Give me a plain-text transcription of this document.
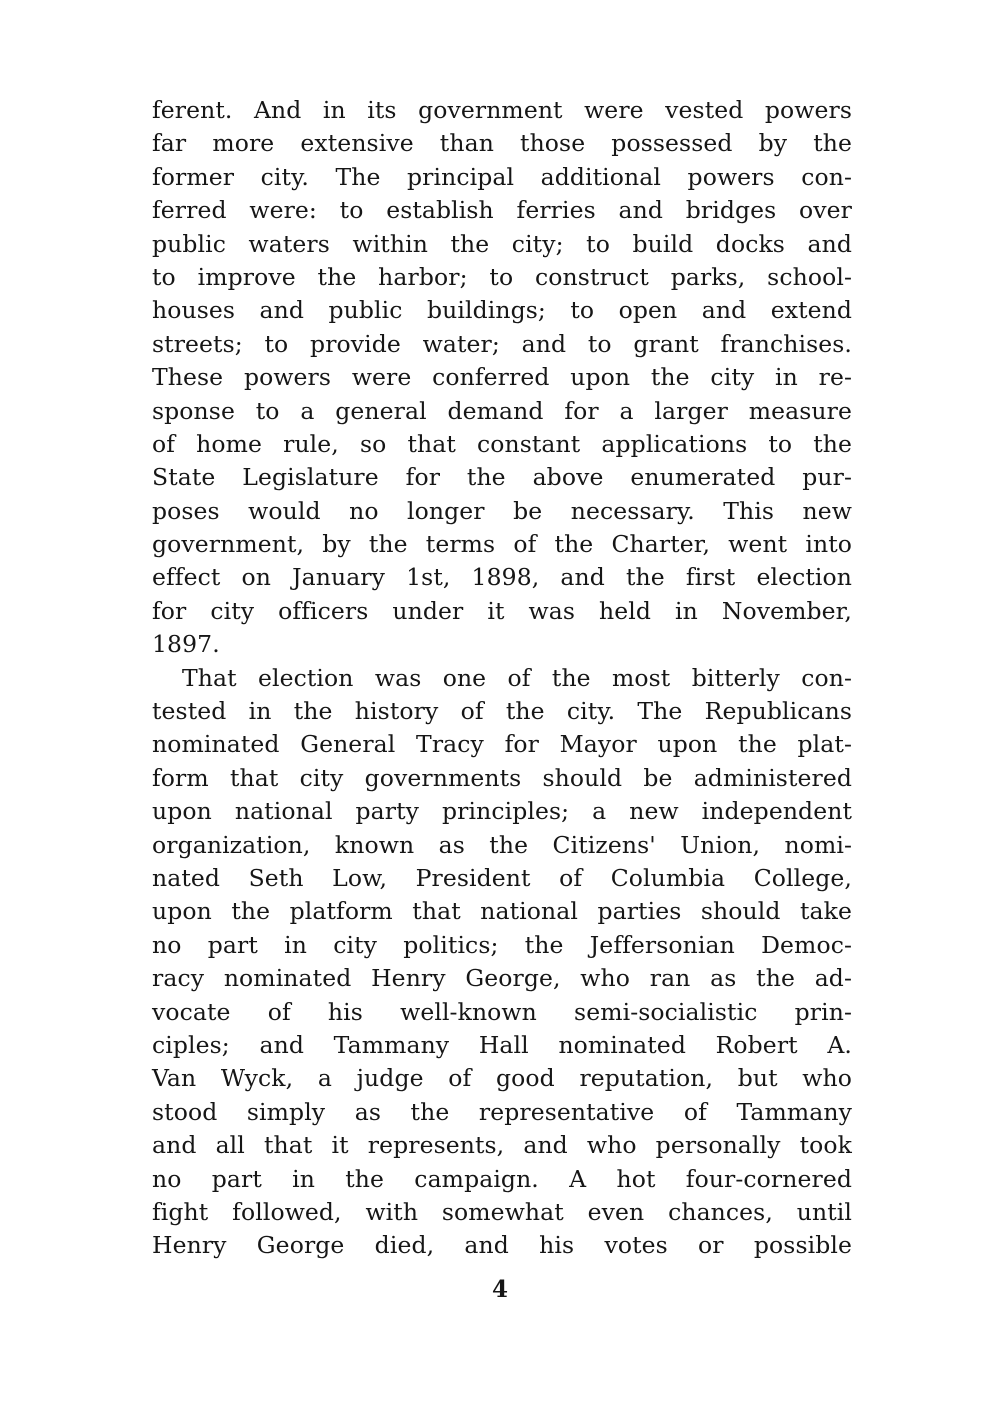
ferent. And in its government were vested powers
far more extensive than those possessed by the
former city. The principal additional powers con-
ferred were: to establish ferries and bridges over
public waters within the city; to build docks and
to improve the harbor; to construct parks, school-
houses and public buildings; to open and extend
streets; to provide water; and to grant franchises.
These powers were conferred upon the city in re-
sponse to a general demand for a larger measure
of home rule, so that constant applications to the
State Legislature for the above enumerated pur-
poses would no longer be necessary. This new
government, by the terms of the Charter, went into
effect on January 1st, 1898, and the first election
for city officers under it was held in November,
1897.
That election was one of the most bitterly con-
tested in the history of the city. The Republicans
nominated General Tracy for Mayor upon the plat-
form that city governments should be administered
upon national party principles; a new independent
organization, known as the Citizens' Union, nomi-
nated Seth Low, President of Columbia College,
upon the platform that national parties should take
no part in city politics; the Jeffersonian Democ-
racy nominated Henry George, who ran as the ad-
vocate of his well-known semi-socialistic prin-
ciples; and Tammany Hall nominated Robert A.
Van Wyck, a judge of good reputation, but who
stood simply as the representative of Tammany
and all that it represents, and who personally took
no part in the campaign. A hot four-cornered
fight followed, with somewhat even chances, until
Henry George died, and his votes or possible
4
